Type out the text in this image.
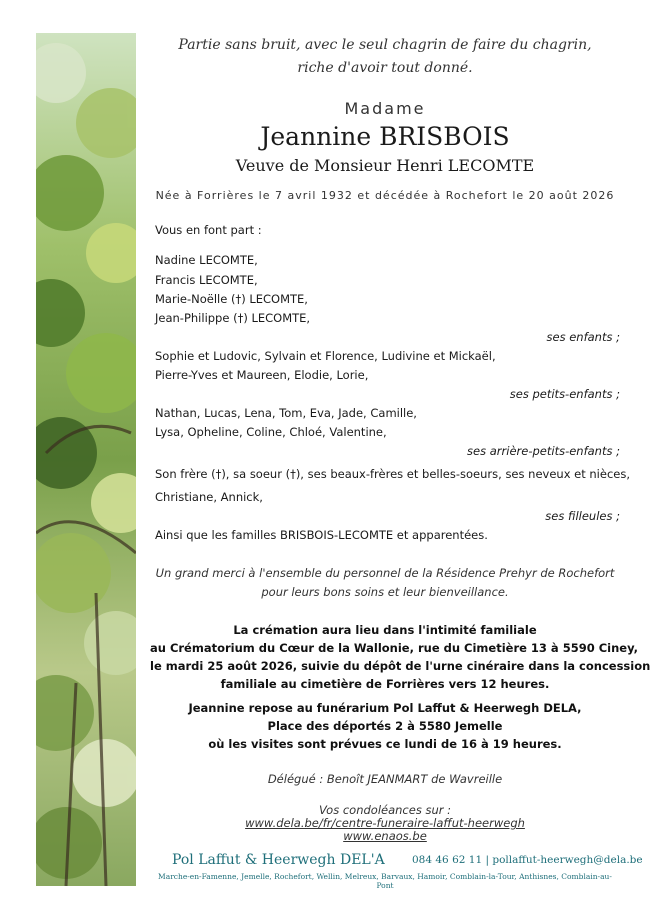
Partie sans bruit, avec le seul chagrin de faire du chagrin,
riche d'avoir tout donné.
Madame
Jeannine BRISBOIS
Veuve de Monsieur Henri LECOMTE
Née à Forrières le 7 avril 1932 et décédée à Rochefort le 20 août 2026
Vous en font part :
Nadine LECOMTE,
Francis LECOMTE,
Marie-Noëlle (†) LECOMTE,
Jean-Philippe (†) LECOMTE,
ses enfants ;
Sophie et Ludovic, Sylvain et Florence, Ludivine et Mickaël,
Pierre-Yves et Maureen, Elodie, Lorie,
ses petits-enfants ;
Nathan, Lucas, Lena, Tom, Eva, Jade, Camille,
Lysa, Opheline, Coline, Chloé, Valentine,
ses arrière-petits-enfants ;
Son frère (†), sa soeur (†), ses beaux-frères et belles-soeurs, ses neveux et nièces,
Christiane, Annick,
ses filleules ;
Ainsi que les familles BRISBOIS-LECOMTE et apparentées.
Un grand merci à l'ensemble du personnel de la Résidence Prehyr de Rochefort
pour leurs bons soins et leur bienveillance.
La crémation aura lieu dans l'intimité familiale
au Crématorium du Cœur de la Wallonie, rue du Cimetière 13 à 5590 Ciney,
le mardi 25 août 2026, suivie du dépôt de l'urne cinéraire dans la concession
familiale au cimetière de Forrières vers 12 heures.
Jeannine repose au funérarium Pol Laffut & Heerwegh DELA,
Place des déportés 2 à 5580 Jemelle
où les visites sont prévues ce lundi de 16 à 19 heures.
Délégué : Benoît JEANMART de Wavreille
Vos condoléances sur :
www.dela.be/fr/centre-funeraire-laffut-heerwegh
www.enaos.be
Pol Laffut & Heerwegh DEL'A	084 46 62 11 | pollaffut-heerwegh@dela.be
Marche-en-Famenne, Jemelle, Rochefort, Wellin, Melreux, Barvaux, Hamoir, Comblain-la-Tour, Anthisnes, Comblain-au-Pont
